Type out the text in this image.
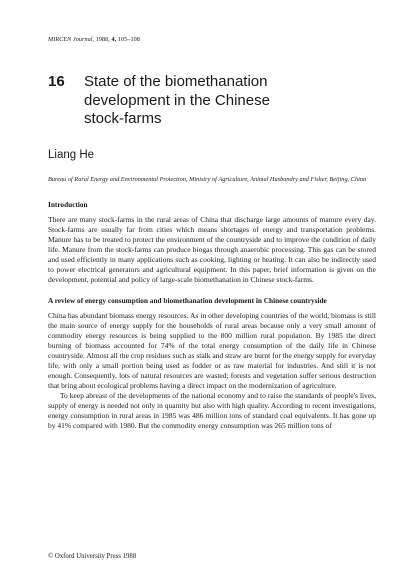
MIRCEN Journal, 1988, 4, 105–108
16	State of the biomethanation
development in the Chinese
stock-farms
Liang He
Bureau of Rural Energy and Environmental Protection, Ministry of Agriculture, Animal Husbandry and Fisher, Beijing, China
Introduction

There are many stock-farms in the rural areas of China that discharge large amounts of manure every day. Stock-farms are usually far from cities which means shortages of energy and transportation problems. Manure has to be treated to protect the environment of the countryside and to improve the condition of daily life. Manure from the stock-farms can produce biogas through anaerobic processing. This gas can be stored and used efficiently in many applications such as cooking, lighting or heating. It can also be indirectly used to power electrical generators and agricultural equipment. In this paper, brief information is given on the development, potential and policy of large-scale biomethanation in Chinese stock-farms.

A review of energy consumption and biomethanation development in Chinese countryside

China has abundant biomass energy resources. As in other developing countries of the world, biomass is still the main source of energy supply for the households of rural areas because only a very small amount of commodity energy resources is being supplied to the 800 million rural population. By 1985 the direct burning of biomass accounted for 74% of the total energy consumption of the daily life in Chinese countryside. Almost all the crop residues such as stalk and straw are burnt for the energy supply for everyday life, with only a small portion being used as fodder or as raw material for industries. And still it is not enough. Consequently, lots of natural resources are wasted; forests and vegetation suffer serious destruction that bring about ecological problems having a direct impact on the modernization of agriculture.

To keep abreast of the developments of the national economy and to raise the standards of people's lives, supply of energy is needed not only in quantity but also with high quality. According to recent investigations, energy consumption in rural areas in 1985 was 486 million tons of standard coal equivalents. It has gone up by 41% compared with 1980. But the commodity energy consumption was 265 million tons of

© Oxford University Press 1988
